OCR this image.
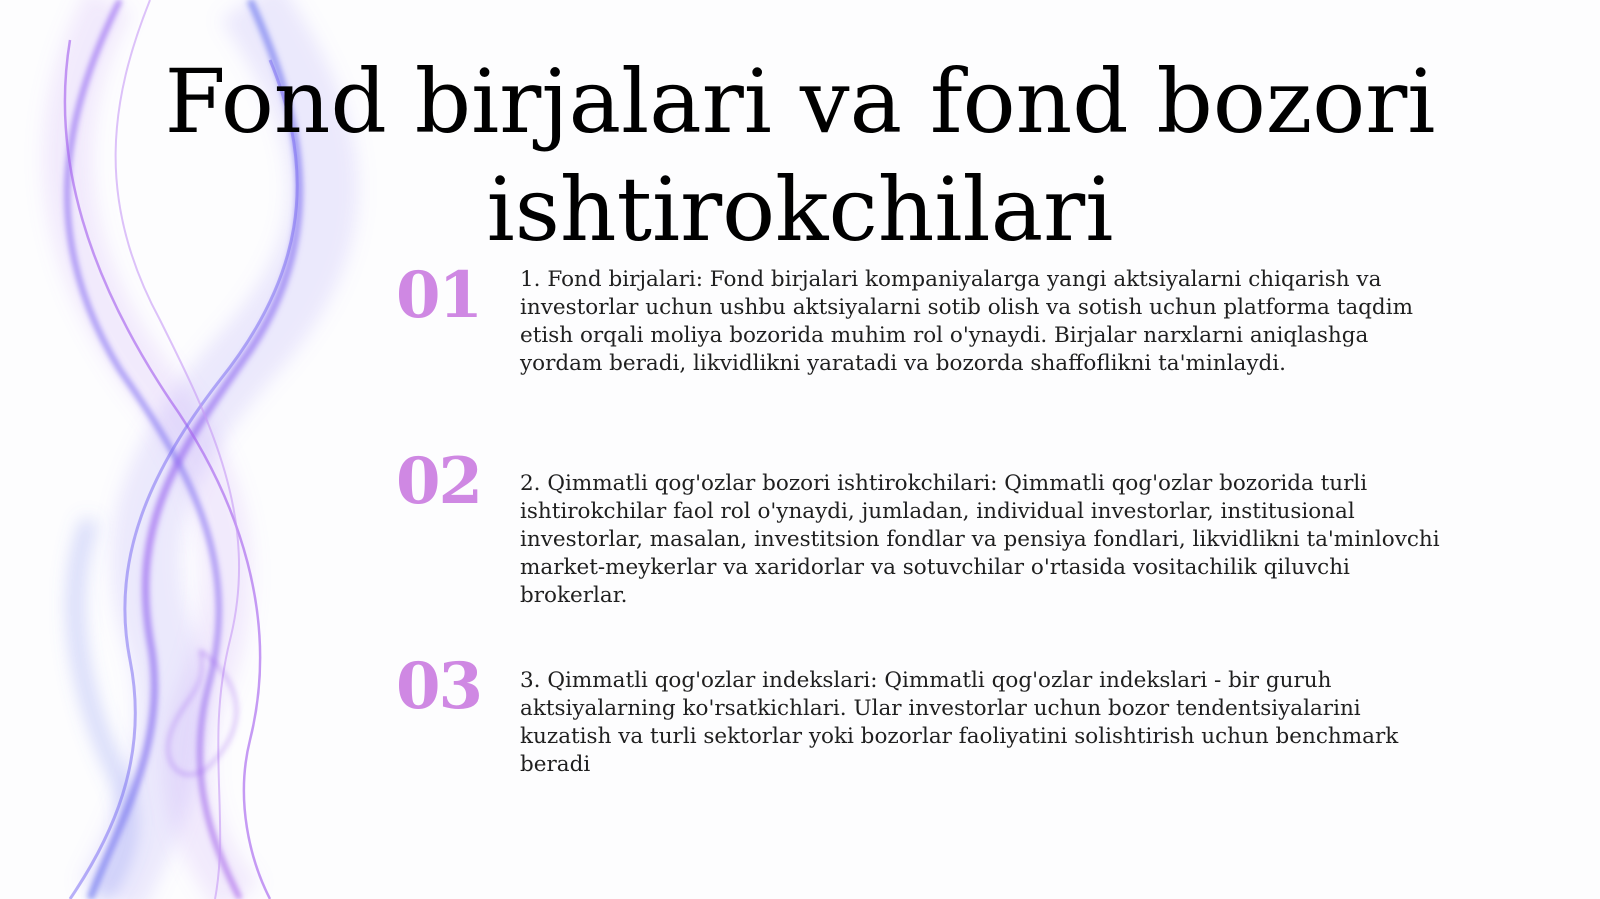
Fond birjalari va fond bozori
ishtirokchilari
01	1. Fond birjalari: Fond birjalari kompaniyalarga yangi aktsiyalarni chiqarish va investorlar uchun ushbu aktsiyalarni sotib olish va sotish uchun platforma taqdim etish orqali moliya bozorida muhim rol o'ynaydi. Birjalar narxlarni aniqlashga yordam beradi, likvidlikni yaratadi va bozorda shaffoflikni ta'minlaydi.

02	2. Qimmatli qog'ozlar bozori ishtirokchilari: Qimmatli qog'ozlar bozorida turli ishtirokchilar faol rol o'ynaydi, jumladan, individual investorlar, institusional investorlar, masalan, investitsion fondlar va pensiya fondlari, likvidlikni ta'minlovchi market-meykerlar va xaridorlar va sotuvchilar o'rtasida vositachilik qiluvchi brokerlar.

03	3. Qimmatli qog'ozlar indekslari: Qimmatli qog'ozlar indekslari - bir guruh aktsiyalarning ko'rsatkichlari. Ular investorlar uchun bozor tendentsiyalarini kuzatish va turli sektorlar yoki bozorlar faoliyatini solishtirish uchun benchmark beradi
